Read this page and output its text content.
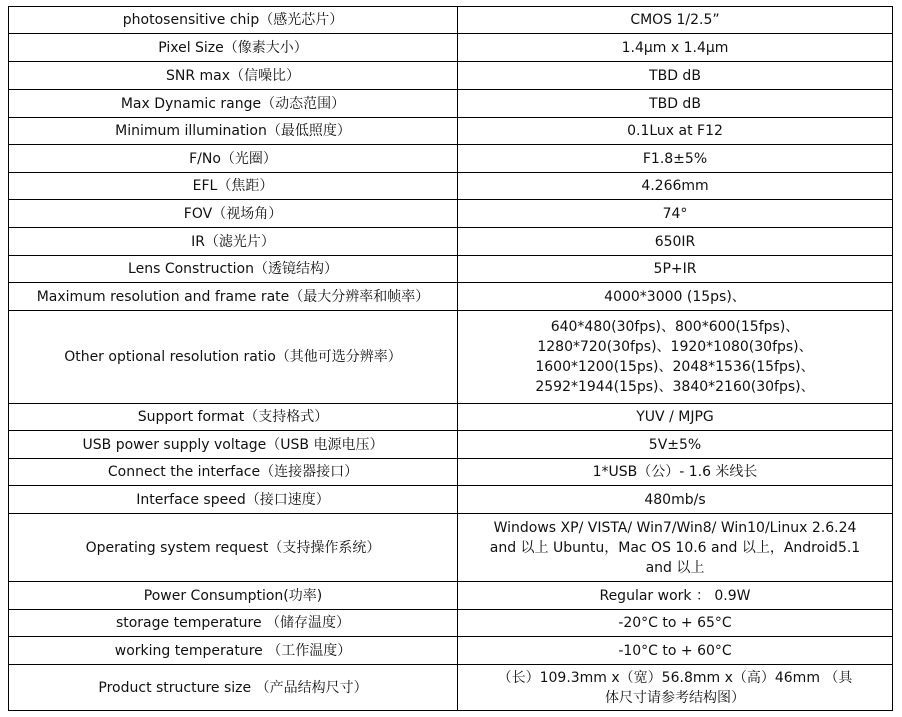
photosensitive chip（感光芯片）	CMOS 1/2.5”
Pixel Size（像素大小）	1.4µm x 1.4µm
SNR max（信噪比）	TBD dB
Max Dynamic range（动态范围）	TBD dB
Minimum illumination（最低照度）	0.1Lux at F12
F/No（光圈）	F1.8±5%
EFL（焦距）	4.266mm
FOV（视场角）	74°
IR（滤光片）	650IR
Lens Construction（透镜结构）	5P+IR
Maximum resolution and frame rate（最大分辨率和帧率）	4000*3000 (15ps)、
Other optional resolution ratio（其他可选分辨率）	640*480(30fps)、800*600(15fps)、
1280*720(30fps)、1920*1080(30fps)、
1600*1200(15ps)、2048*1536(15fps)、
2592*1944(15ps)、3840*2160(30fps)、
Support format（支持格式）	YUV / MJPG
USB power supply voltage（USB 电源电压）	5V±5%
Connect the interface（连接器接口）	1*USB（公）- 1.6 米线长
Interface speed（接口速度）	480mb/s
Operating system request（支持操作系统）	Windows XP/ VISTA/ Win7/Win8/ Win10/Linux 2.6.24
and 以上 Ubuntu，Mac OS 10.6 and 以上，Android5.1
and 以上
Power Consumption(功率)	Regular work ： 0.9W
storage temperature （储存温度）	-20°C to + 65°C
working temperature （工作温度）	-10°C to + 60°C
Product structure size （产品结构尺寸）	（长）109.3mm x（宽）56.8mm x（高）46mm （具
体尺寸请参考结构图）
